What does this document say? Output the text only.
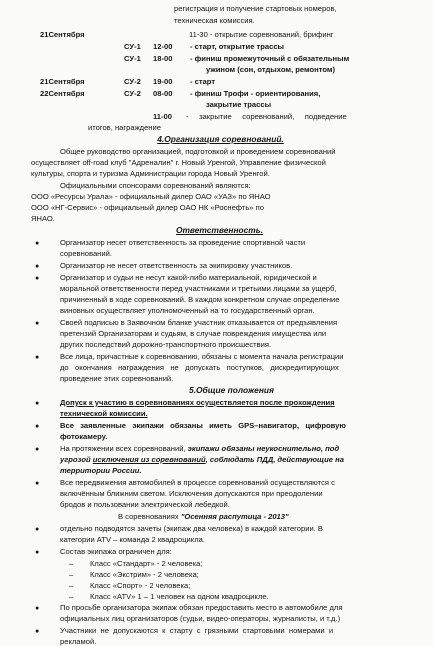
регистрация и получение стартовых номеров,
техническая комиссия.
21Сентября	11-30 - открытие соревнований, брифинг
СУ-1 12-00 - старт, открытие трассы
СУ-1 18-00 - финиш промежуточный с обязательным
ужином (сон, отдыхом, ремонтом)
21Сентября	СУ-2 19-00 - старт
22Сентября	СУ-2 08-00 - финиш Трофи - ориентирования,
закрытие трассы
11-00 -     закрытие     соревнований,     подведение
итогов, награждение
4.Организация соревнований.
Общее руководство организацией, подготовкой и проведением соревнований
осуществляет off-road клуб "Адреналин" г. Новый Уренгой, Управление физической
культуры, спорта и туризма Администрации города Новый Уренгой.
Официальными спонсорами соревнований являются:
ООО «Ресурсы Урала» - официальный дилер ОАО «УАЗ» по ЯНАО
ООО «НГ-Сервис» - официальный дилер ОАО НК «Роснефть» по
ЯНАО.
Ответственность.
●	Организатор несет ответственность за проведение спортивной части
соревнований.
●	Организатор не несет ответственность за экипировку участников.
●	Организатор и судьи не несут какой-либо материальной, юридической и
моральной ответственности перед участниками и третьими лицами за ущерб,
причиненный в ходе соревнований. В каждом конкретном случае определение
виновных осуществляет уполномоченный на то государственный орган.
●	Своей подписью в Заявочном бланке участник отказывается от предъявления
претензий Организаторам и судьям, в случае повреждения имущества или
других последствий дорожно-транспортного происшествия.
●	Все лица, причастные к соревнованию, обязаны с момента начала регистрации
до   окончания   награждения   не   допускать   поступков,   дискредитирующих
проведение этих соревнований.
5.Общие положения
●	Допуск к участию в соревнованиях осуществляется после прохождения
технической комиссии.
●	Все   заявленные   экипажи   обязаны   иметь   GPS–навигатор,   цифровую
фотокамеру.
●	На протяжении всех соревнований, экипажи обязаны неукоснительно, под
угрозой исключения из соревнований, соблюдать ПДД, действующие на
территории России.
●	Все передвижения автомобилей в процессе соревнований осуществляются с
включённым ближним светом. Исключения допускаются при преодолении
бродов и пользовании электрической лебедкой.
В соревнованиях "Осенняя распутица - 2013"
●	отдельно подводятся зачеты (экипаж два человека) в каждой категории. В
категории ATV – команда 2 квадроцикла.
●	Состав экипажа ограничен для:
– Класс «Стандарт» - 2 человека;
– Класс «Экстрим» - 2 человека;
– Класс «Спорт» - 2 человека;
– Класс «ATV» 1 – 1 человек на одном квадроцикле.
●	По просьбе организатора экипаж обязан предоставить место в автомобиле для
официальных лиц организаторов (судьи, видео-операторы, журналисты, и т.д.)
●	Участники  не  допускаются  к  старту  с  грязными  стартовыми  номерами  и
рекламой.
